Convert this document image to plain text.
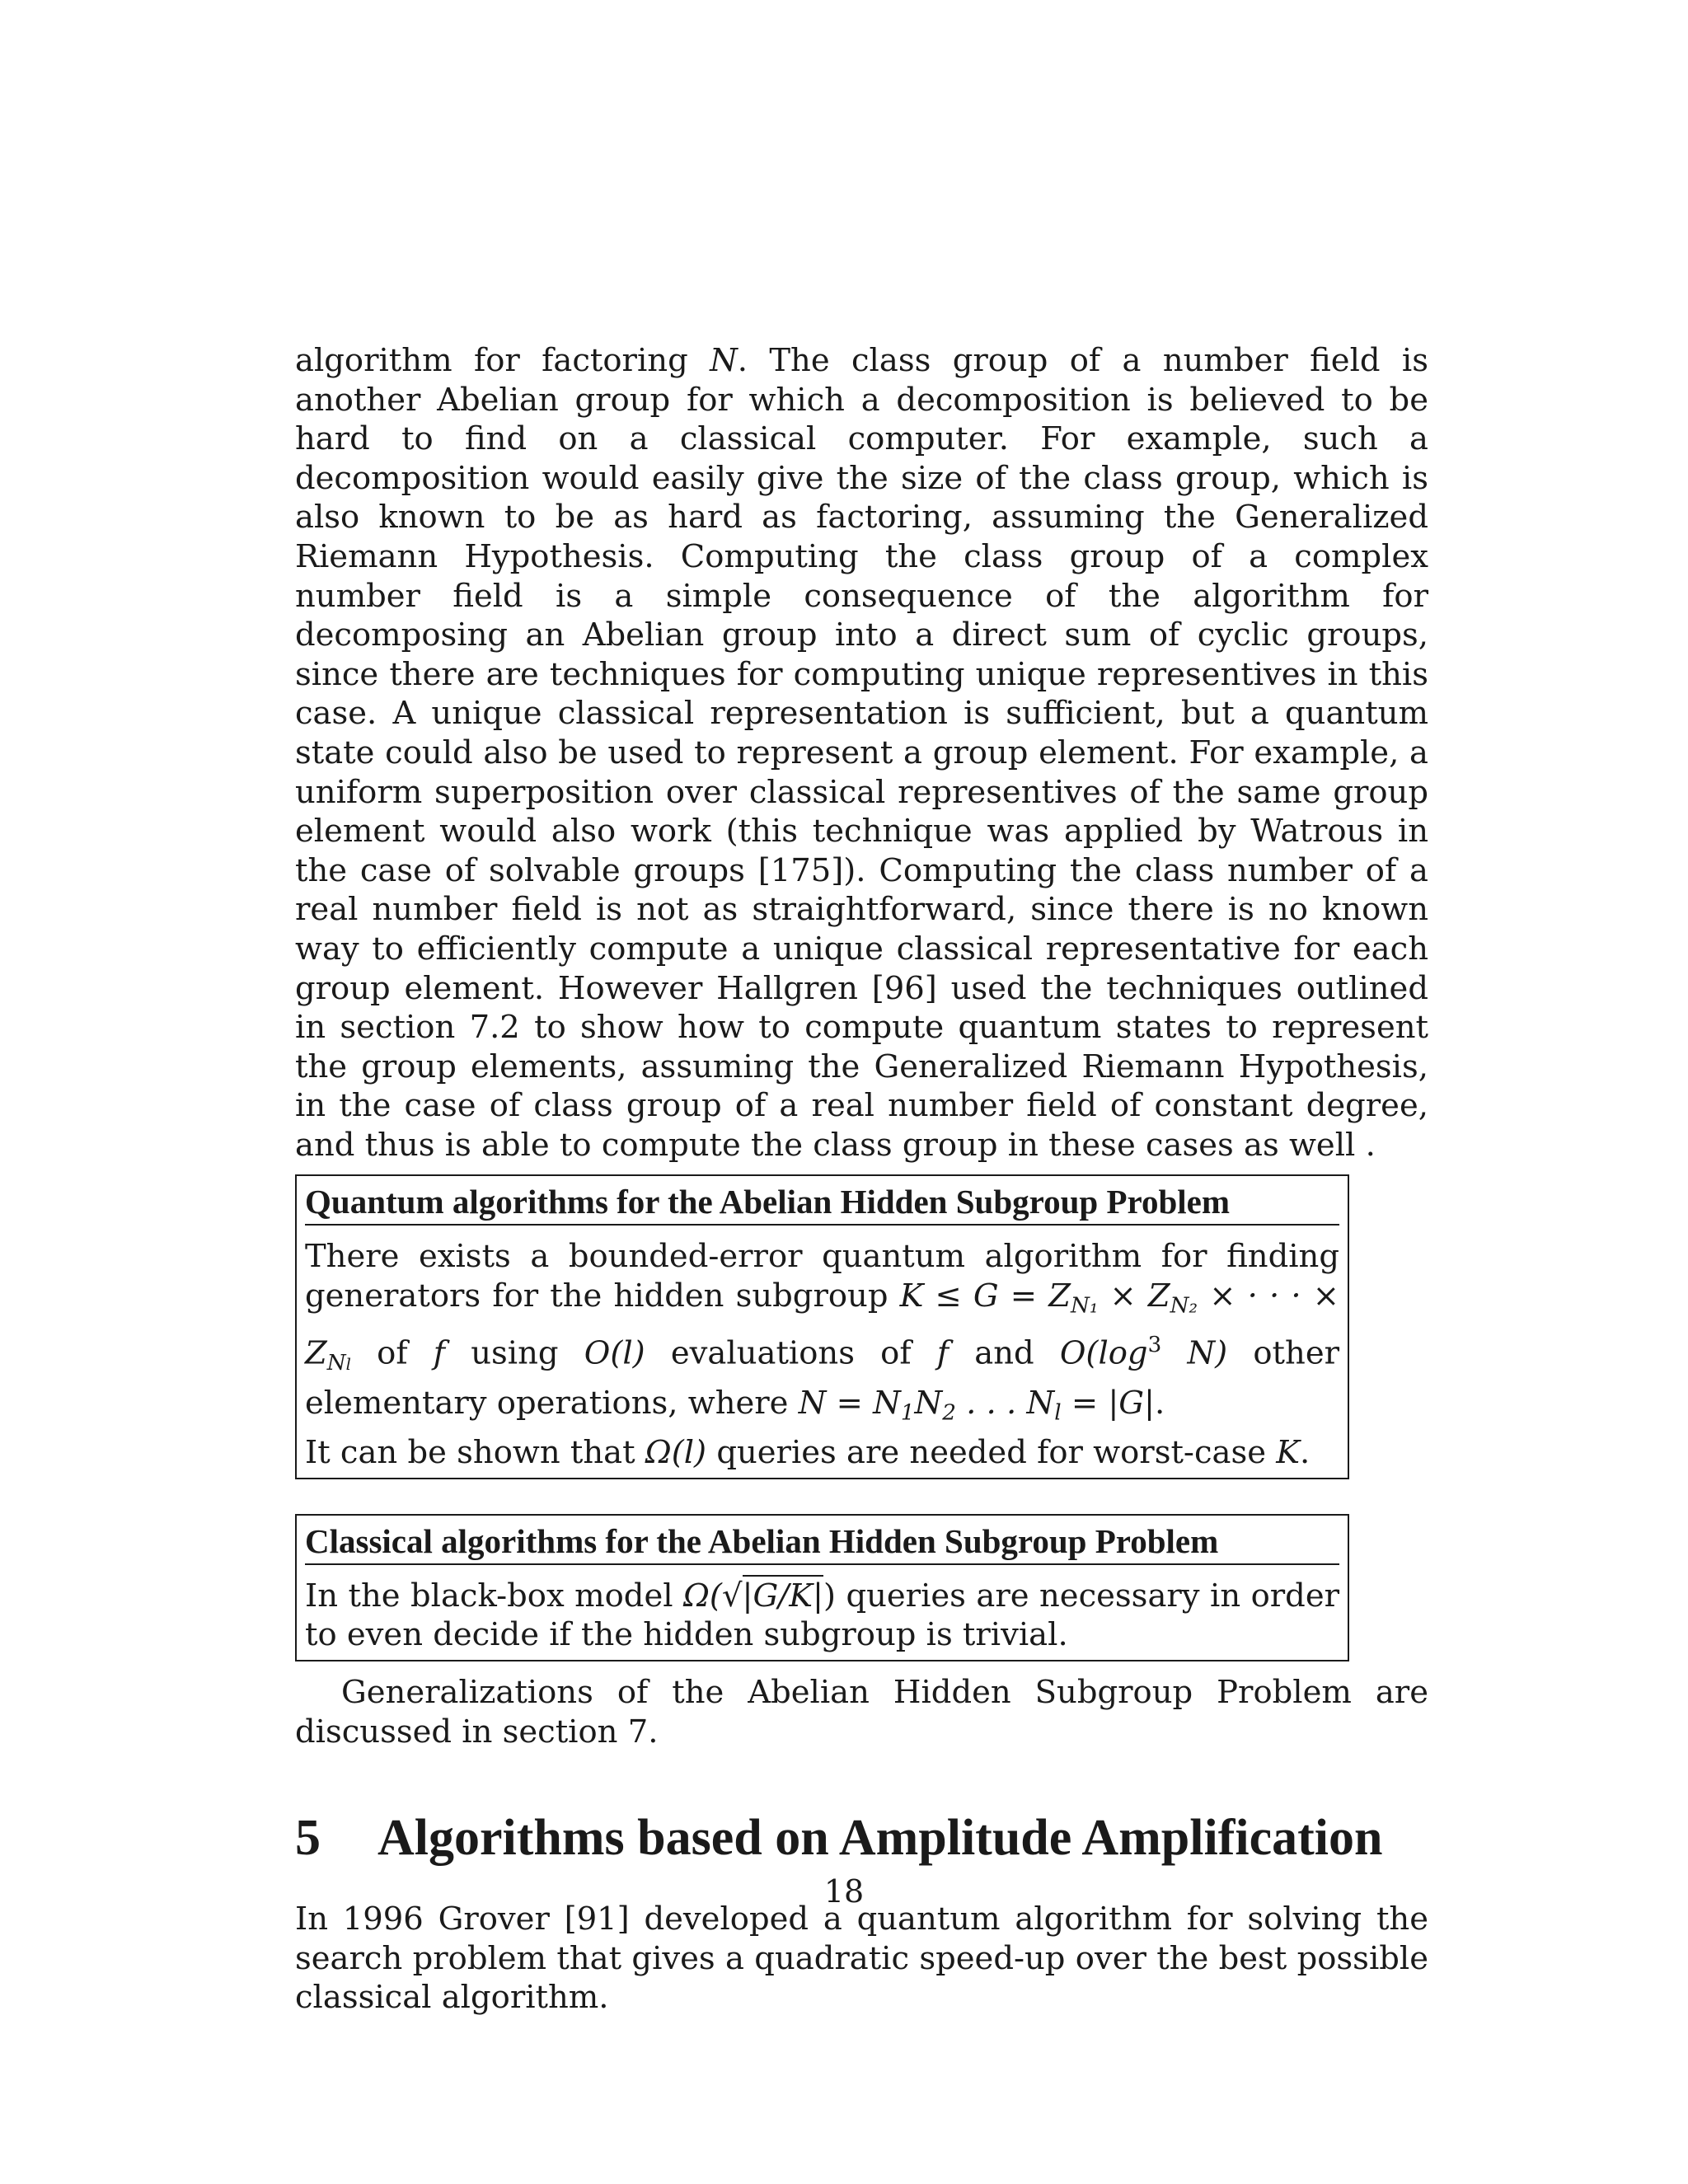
algorithm for factoring N. The class group of a number field is another Abelian group for which a decomposition is believed to be hard to find on a classical computer. For example, such a decomposition would easily give the size of the class group, which is also known to be as hard as factoring, assuming the Generalized Riemann Hypothesis. Computing the class group of a complex number field is a simple consequence of the algorithm for decomposing an Abelian group into a direct sum of cyclic groups, since there are techniques for computing unique representives in this case. A unique classical representation is sufficient, but a quantum state could also be used to represent a group element. For example, a uniform superposition over classical representives of the same group element would also work (this technique was applied by Watrous in the case of solvable groups [175]). Computing the class number of a real number field is not as straightforward, since there is no known way to efficiently compute a unique classical representative for each group element. However Hallgren [96] used the techniques outlined in section 7.2 to show how to compute quantum states to represent the group elements, assuming the Generalized Riemann Hypothesis, in the case of class group of a real number field of constant degree, and thus is able to compute the class group in these cases as well .

Quantum algorithms for the Abelian Hidden Subgroup Problem

There exists a bounded-error quantum algorithm for finding generators for the hidden subgroup $K \le G = Z_{N_1} \times Z_{N_2}$ × · · · × $Z_{Nl}$ of f using O(l) evaluations of f and $O(\log^3$ N) other elementary operations, where $N = N_1N_2$ . . . $N_l = |G|$.
It can be shown that Ω(l) queries are needed for worst-case K.

Classical algorithms for the Abelian Hidden Subgroup Problem

In the black-box model Ω(√|G/K|) queries are necessary in order to even decide if the hidden subgroup is trivial.

Generalizations of the Abelian Hidden Subgroup Problem are discussed in section 7.

5	Algorithms based on Amplitude Amplification

In 1996 Grover [91] developed a quantum algorithm for solving the search problem that gives a quadratic speed-up over the best possible classical algorithm.

18
